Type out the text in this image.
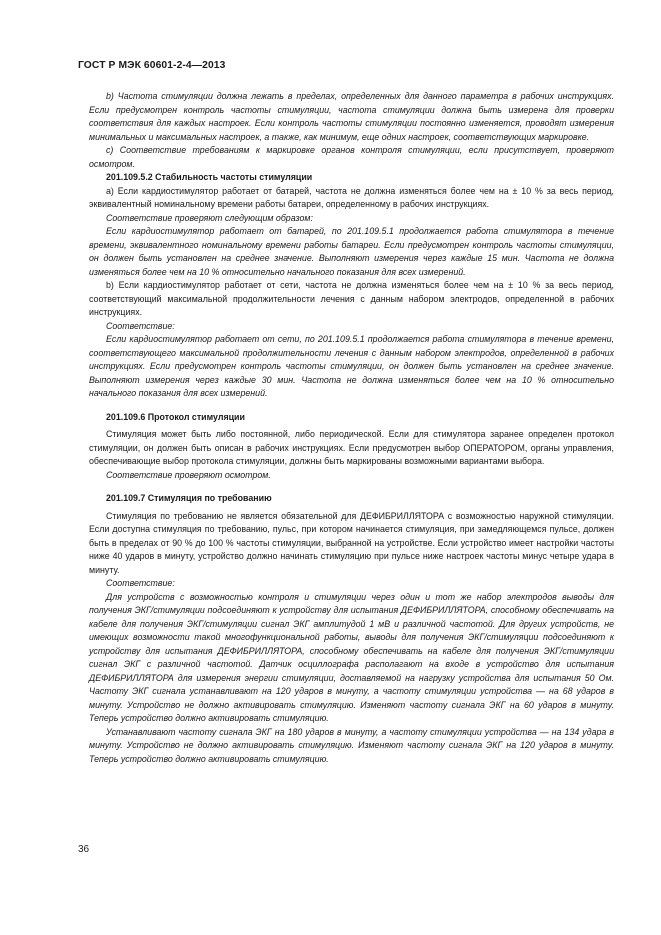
ГОСТ Р МЭК 60601-2-4—2013

b) Частота стимуляции должна лежать в пределах, определенных для данного параметра в рабочих инструкциях. Если предусмотрен контроль частоты стимуляции, частота стимуляции должна быть измерена для проверки соответствия для каждых настроек. Если контроль частоты стимуляции постоянно изменяется, проводят измерения минимальных и максимальных настроек, а также, как минимум, еще одних настроек, соответствующих маркировке.

c) Соответствие требованиям к маркировке органов контроля стимуляции, если присутствует, проверяют осмотром.

201.109.5.2 Стабильность частоты стимуляции

a) Если кардиостимулятор работает от батарей, частота не должна изменяться более чем на ± 10 % за весь период, эквивалентный номинальному времени работы батареи, определенному в рабочих инструкциях.

Соответствие проверяют следующим образом:

Если кардиостимулятор работает от батарей, по 201.109.5.1 продолжается работа стимулятора в течение времени, эквивалентного номинальному времени работы батареи. Если предусмотрен контроль частоты стимуляции, он должен быть установлен на среднее значение. Выполняют измерения через каждые 15 мин. Частота не должна изменяться более чем на 10 % относительно начального показания для всех измерений.

b) Если кардиостимулятор работает от сети, частота не должна изменяться более чем на ± 10 % за весь период, соответствующий максимальной продолжительности лечения с данным набором электродов, определенной в рабочих инструкциях.

Соответствие:

Если кардиостимулятор работает от сети, по 201.109.5.1 продолжается работа стимулятора в течение времени, соответствующего максимальной продолжительности лечения с данным набором электродов, определенной в рабочих инструкциях. Если предусмотрен контроль частоты стимуляции, он должен быть установлен на среднее значение. Выполняют измерения через каждые 30 мин. Частота не должна изменяться более чем на 10 % относительно начального показания для всех измерений.

201.109.6 Протокол стимуляции

Стимуляция может быть либо постоянной, либо периодической. Если для стимулятора заранее определен протокол стимуляции, он должен быть описан в рабочих инструкциях. Если предусмотрен выбор ОПЕРАТОРОМ, органы управления, обеспечивающие выбор протокола стимуляции, должны быть маркированы возможными вариантами выбора.

Соответствие проверяют осмотром.

201.109.7 Стимуляция по требованию

Стимуляция по требованию не является обязательной для ДЕФИБРИЛЛЯТОРА с возможностью наружной стимуляции. Если доступна стимуляция по требованию, пульс, при котором начинается стимуляция, при замедляющемся пульсе, должен быть в пределах от 90 % до 100 % частоты стимуляции, выбранной на устройстве. Если устройство имеет настройки частоты ниже 40 ударов в минуту, устройство должно начинать стимуляцию при пульсе ниже настроек частоты минус четыре удара в минуту.

Соответствие:

Для устройств с возможностью контроля и стимуляции через один и тот же набор электродов выводы для получения ЭКГ/стимуляции подсоединяют к устройству для испытания ДЕФИБРИЛЛЯТОРА, способному обеспечивать на кабеле для получения ЭКГ/стимуляции сигнал ЭКГ амплитудой 1 мВ и различной частотой. Для других устройств, не имеющих возможности такой многофункциональной работы, выводы для получения ЭКГ/стимуляции подсоединяют к устройству для испытания ДЕФИБРИЛЛЯТОРА, способному обеспечивать на кабеле для получения ЭКГ/стимуляции сигнал ЭКГ с различной частотой. Датчик осциллографа располагают на входе в устройство для испытания ДЕФИБРИЛЛЯТОРА для измерения энергии стимуляции, доставляемой на нагрузку устройства для испытания 50 Ом. Частоту ЭКГ сигнала устанавливают на 120 ударов в минуту, а частоту стимуляции устройства — на 68 ударов в минуту. Устройство не должно активировать стимуляцию. Изменяют частоту сигнала ЭКГ на 60 ударов в минуту. Теперь устройство должно активировать стимуляцию.

Устанавливают частоту сигнала ЭКГ на 180 ударов в минуту, а частоту стимуляции устройства — на 134 удара в минуту. Устройство не должно активировать стимуляцию. Изменяют частоту сигнала ЭКГ на 120 ударов в минуту. Теперь устройство должно активировать стимуляцию.

36
